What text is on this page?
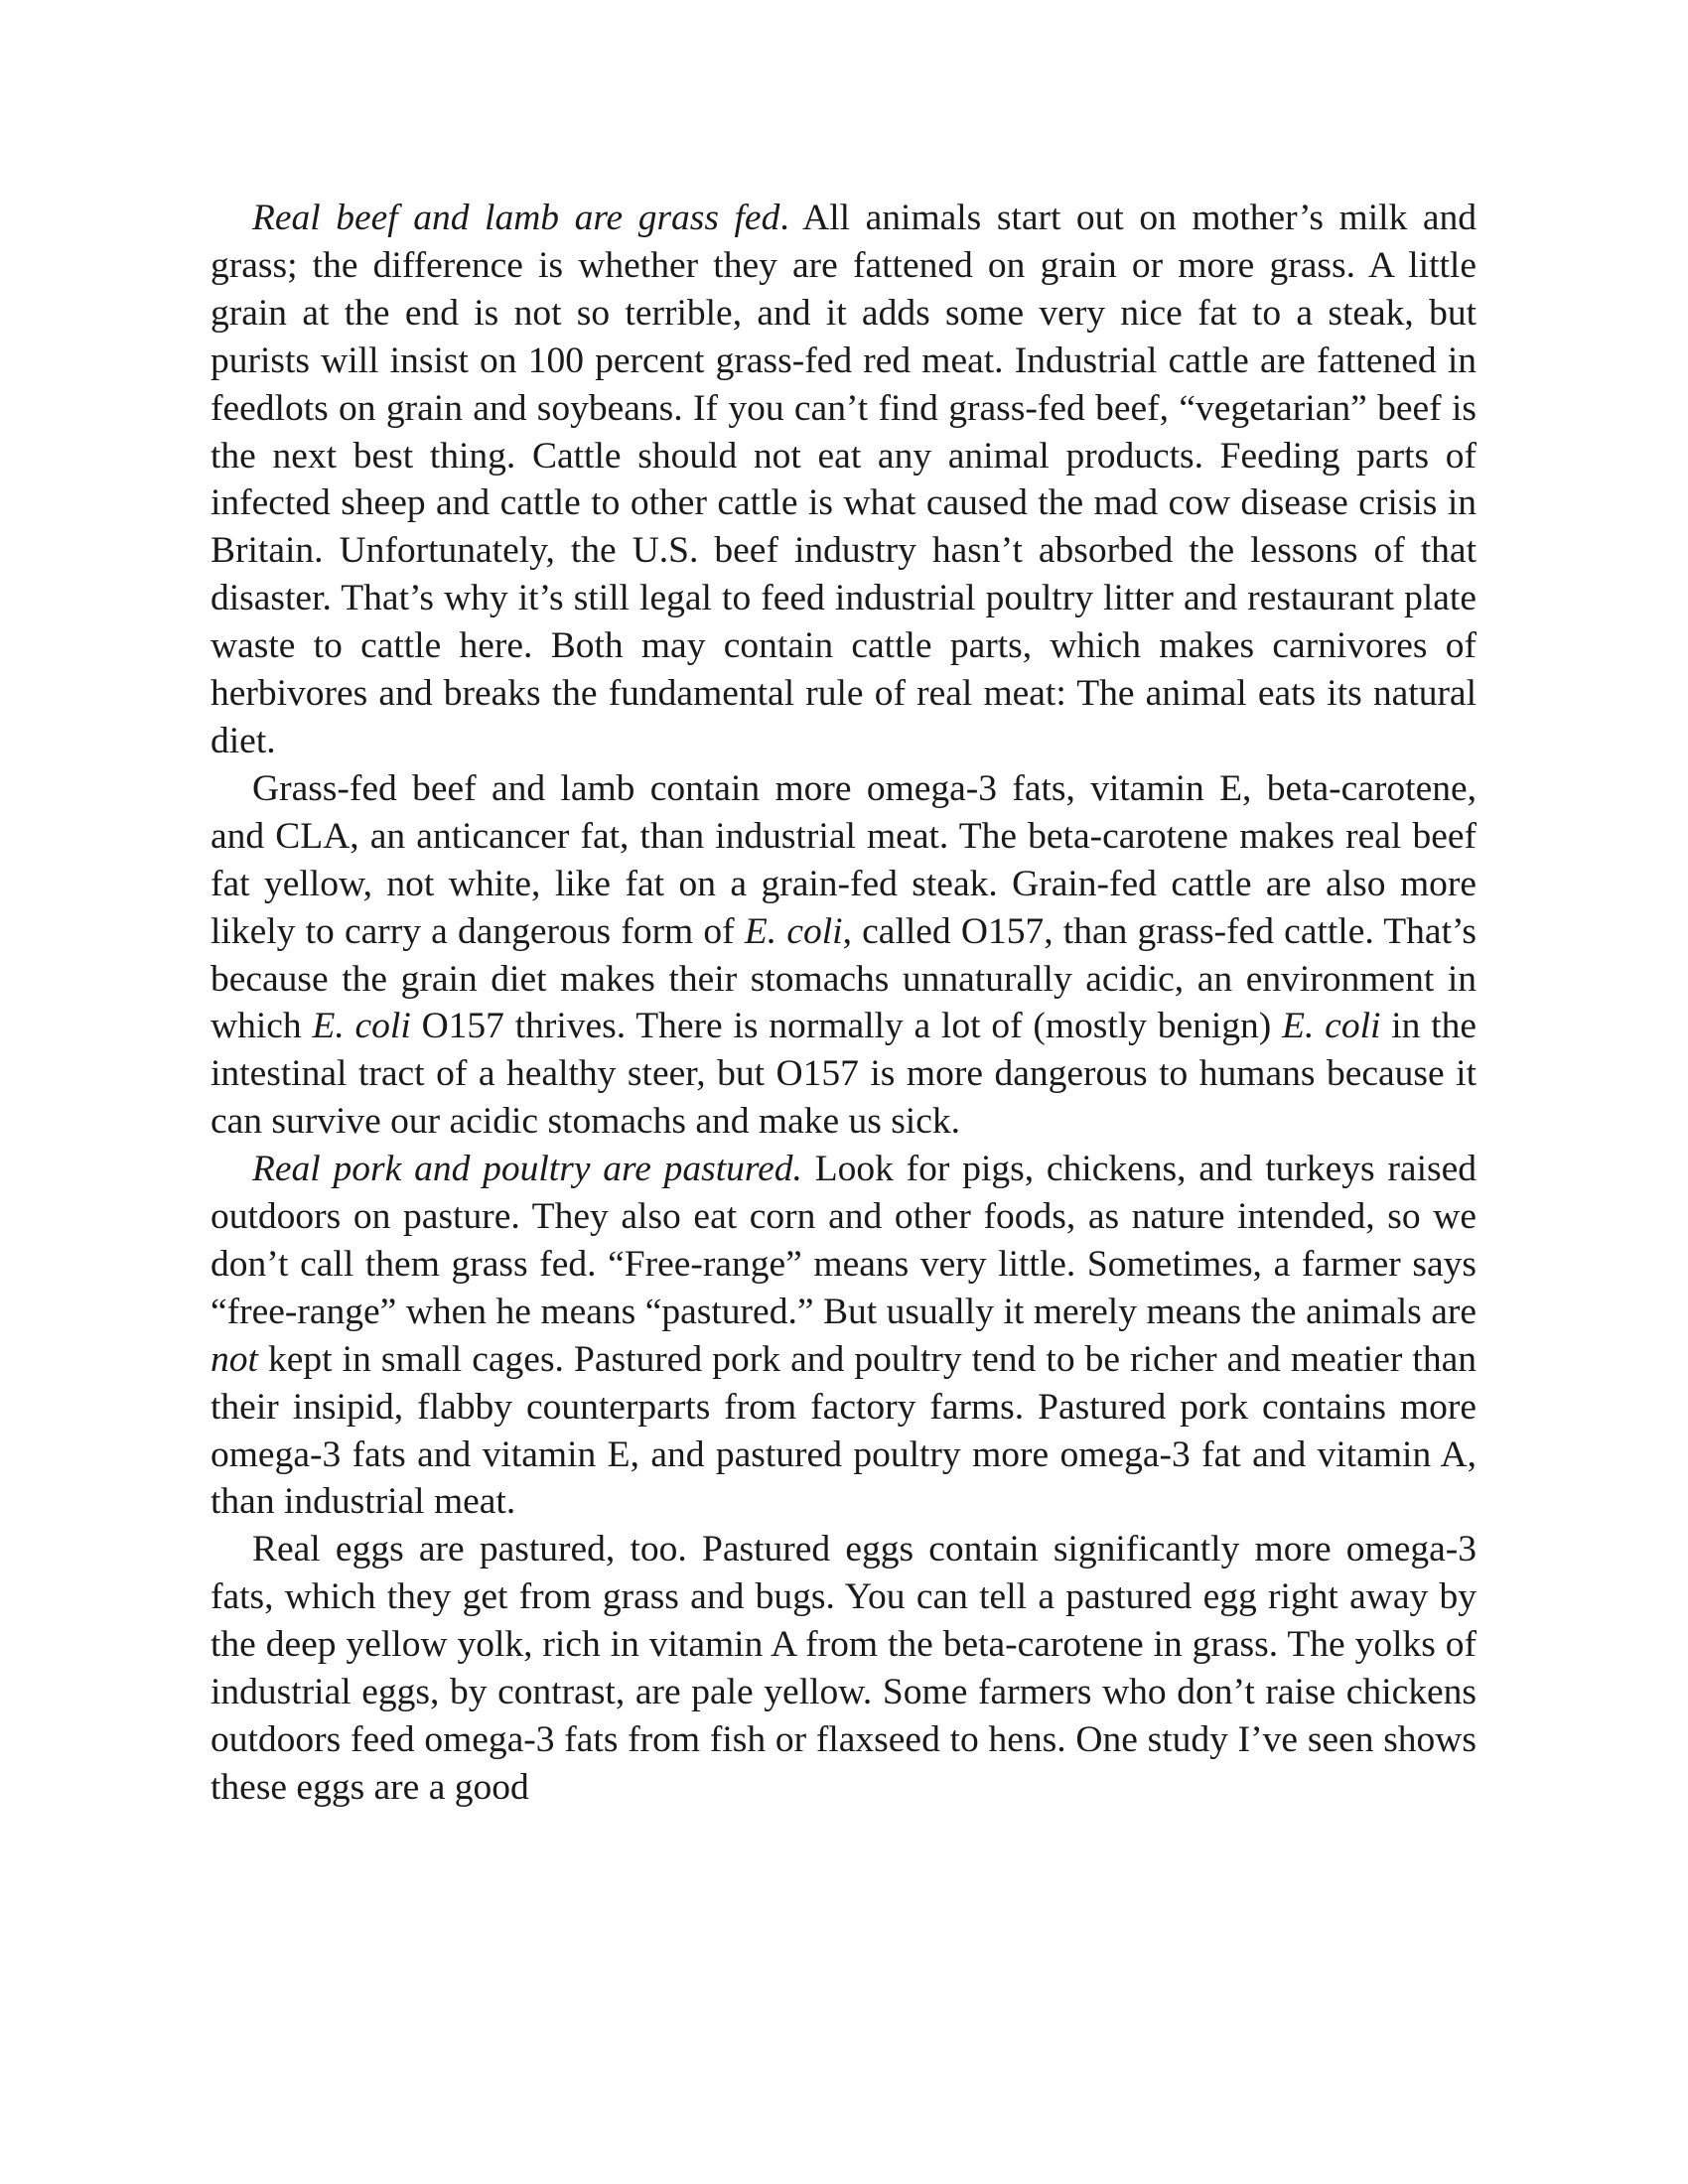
Real beef and lamb are grass fed. All animals start out on mother’s milk and grass; the difference is whether they are fattened on grain or more grass. A little grain at the end is not so terrible, and it adds some very nice fat to a steak, but purists will insist on 100 percent grass-fed red meat. Industrial cattle are fattened in feedlots on grain and soybeans. If you can’t find grass-fed beef, “vegetarian” beef is the next best thing. Cattle should not eat any animal products. Feeding parts of infected sheep and cattle to other cattle is what caused the mad cow disease crisis in Britain. Unfortunately, the U.S. beef industry hasn’t absorbed the lessons of that disaster. That’s why it’s still legal to feed industrial poultry litter and restaurant plate waste to cattle here. Both may contain cattle parts, which makes carnivores of herbivores and breaks the fundamental rule of real meat: The animal eats its natural diet.

Grass-fed beef and lamb contain more omega-3 fats, vitamin E, beta-carotene, and CLA, an anticancer fat, than industrial meat. The beta-carotene makes real beef fat yellow, not white, like fat on a grain-fed steak. Grain-fed cattle are also more likely to carry a dangerous form of E. coli, called O157, than grass-fed cattle. That’s because the grain diet makes their stomachs unnaturally acidic, an environment in which E. coli O157 thrives. There is normally a lot of (mostly benign) E. coli in the intestinal tract of a healthy steer, but O157 is more dangerous to humans because it can survive our acidic stomachs and make us sick.

Real pork and poultry are pastured. Look for pigs, chickens, and turkeys raised outdoors on pasture. They also eat corn and other foods, as nature intended, so we don’t call them grass fed. “Free-range” means very little. Sometimes, a farmer says “free-range” when he means “pastured.” But usually it merely means the animals are not kept in small cages. Pastured pork and poultry tend to be richer and meatier than their insipid, flabby counterparts from factory farms. Pastured pork contains more omega-3 fats and vitamin E, and pastured poultry more omega-3 fat and vitamin A, than industrial meat.

Real eggs are pastured, too. Pastured eggs contain significantly more omega-3 fats, which they get from grass and bugs. You can tell a pastured egg right away by the deep yellow yolk, rich in vitamin A from the beta-carotene in grass. The yolks of industrial eggs, by contrast, are pale yellow. Some farmers who don’t raise chickens outdoors feed omega-3 fats from fish or flaxseed to hens. One study I’ve seen shows these eggs are a good
